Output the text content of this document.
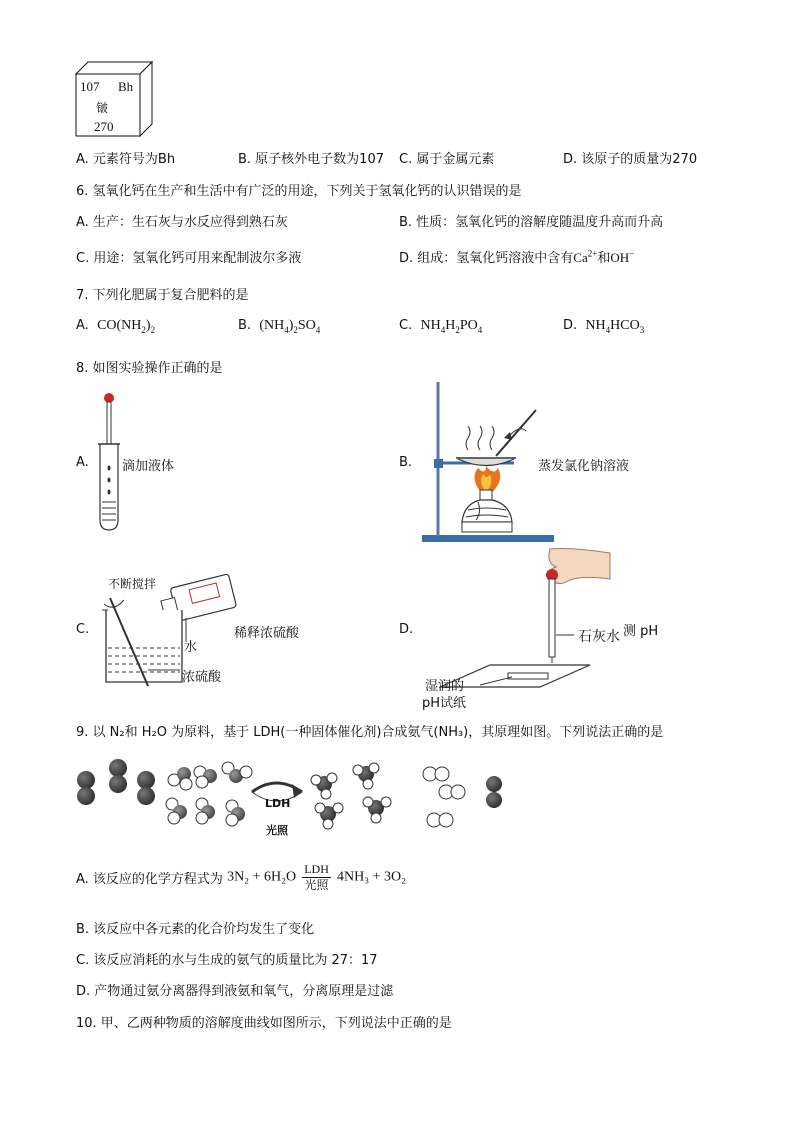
107 Bh
𬭛
270
A. 元素符号为Bh	B. 原子核外电子数为107 C. 属于金属元素	D. 该原子的质量为270
6. 氢氧化钙在生产和生活中有广泛的用途，下列关于氢氧化钙的认识错误的是
A. 生产：生石灰与水反应得到熟石灰	B. 性质：氢氧化钙的溶解度随温度升高而升高
C. 用途：氢氧化钙可用来配制波尔多液	D. 组成：氢氧化钙溶液中含有$Ca^{2+}$和OH−
7. 下列化肥属于复合肥料的是
A. $CO(NH_2)_2$	B. $(NH_4)_2SO_4$	C. $NH_4H_2PO_4$	D. $NH_4HCO_3$
8. 如图实验操作正确的是
A.	滴加液体	B.	蒸发氯化钠溶液
C.
不断搅拌
水
稀释浓硫酸
浓硫酸
D.	石灰水 测 pH
湿润的
pH试纸
9. 以 N₂和 H₂O 为原料，基于 LDH(一种固体催化剂)合成氨气(NH₃)，其原理如图。下列说法正确的是
LDH
光照
A. 该反应的化学方程式为 $3N_2 + 6H_2O \frac{\text{LDH}}{\text{光照}} 4NH_3 + 3O_2$
B. 该反应中各元素的化合价均发生了变化
C. 该反应消耗的水与生成的氨气的质量比为 27：17
D. 产物通过氨分离器得到液氨和氧气，分离原理是过滤
10. 甲、乙两种物质的溶解度曲线如图所示，下列说法中正确的是
